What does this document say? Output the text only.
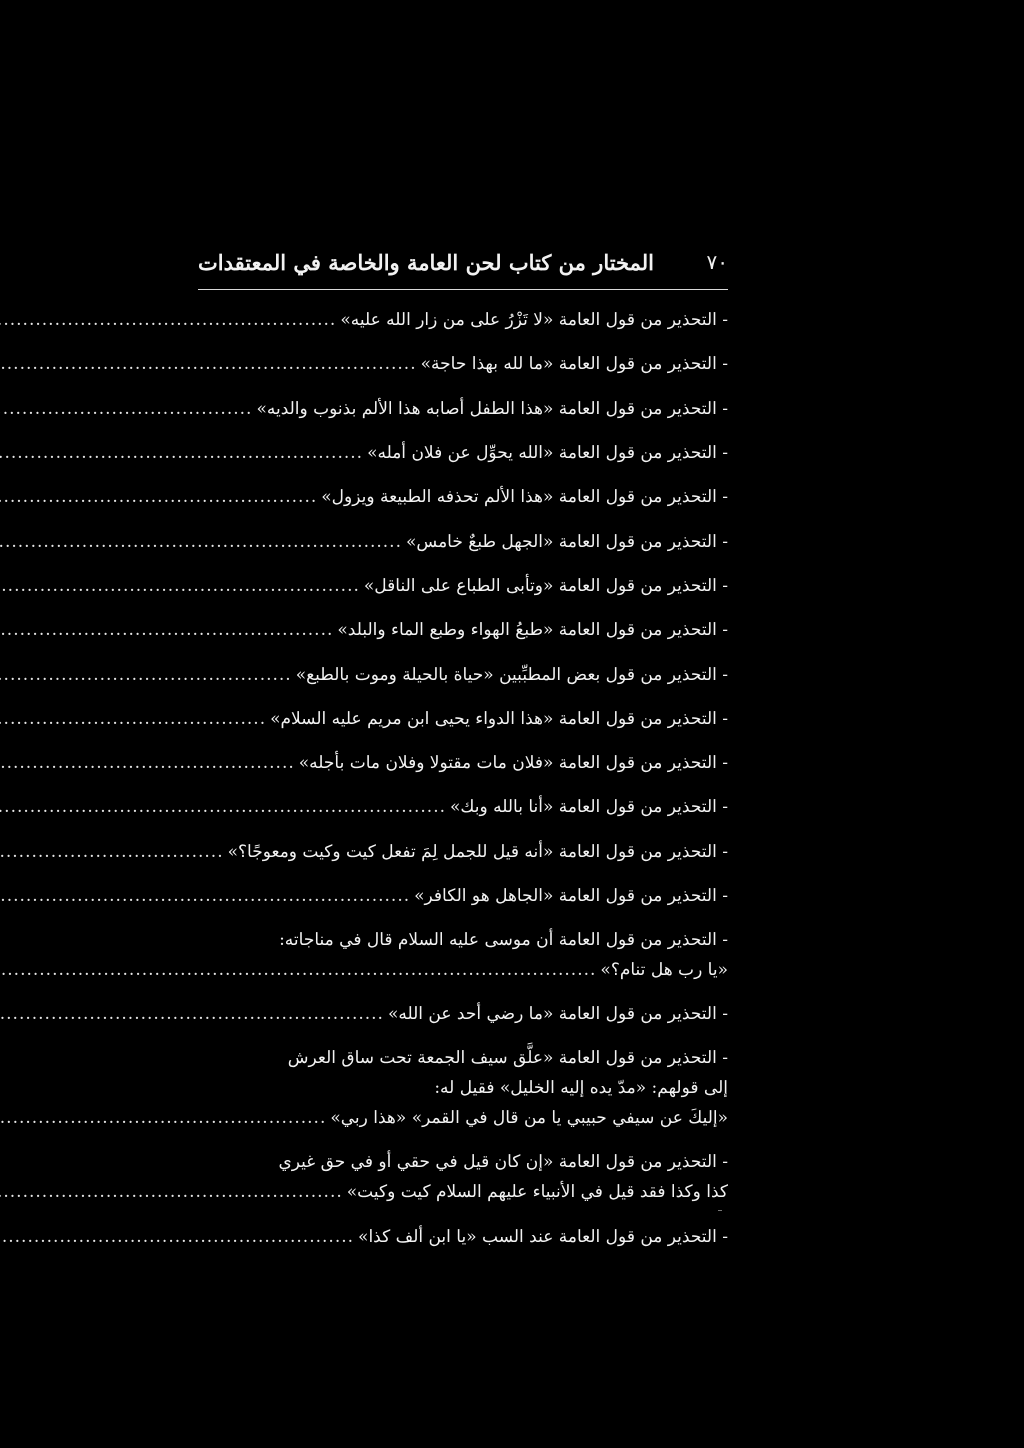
٧٠
المختار من كتاب لحن العامة والخاصة في المعتقدات
- التحذير من قول العامة «لا تَزْرُ على من زار الله عليه»
.....
- التحذير من قول العامة «ما لله بهذا حاجة»
.....
- التحذير من قول العامة «هذا الطفل أصابه هذا الألم بذنوب والديه»
.....
- التحذير من قول العامة «الله يحوِّل عن فلان أمله»
.....
- التحذير من قول العامة «هذا الألم تحذفه الطبيعة ويزول»
.....
- التحذير من قول العامة «الجهل طبعٌ خامس»
.....
- التحذير من قول العامة «وتأبى الطباع على الناقل»
.....
- التحذير من قول العامة «طبعُ الهواء وطبع الماء والبلد»
.....
- التحذير من قول بعض المطبِّبين «حياة بالحيلة وموت بالطبع»
.....
- التحذير من قول العامة «هذا الدواء يحيى ابن مريم عليه السلام»
.....
- التحذير من قول العامة «فلان مات مقتولا وفلان مات بأجله»
.....
- التحذير من قول العامة «أنا بالله وبك»
.....
- التحذير من قول العامة «أنه قيل للجمل لِمَ تفعل كيت وكيت ومعوجًا؟»
.....
- التحذير من قول العامة «الجاهل هو الكافر»
.....
- التحذير من قول العامة أن موسى عليه السلام قال في مناجاته:
«يا رب هل تنام؟»
.....
- التحذير من قول العامة «ما رضي أحد عن الله»
.....
- التحذير من قول العامة «علَّق سيف الجمعة تحت ساق العرش
إلى قولهم: «مدّ يده إليه الخليل» فقيل له:
«إليكَ عن سيفي حبيبي يا من قال في القمر» «هذا ربي»
.....
- التحذير من قول العامة «إن كان قيل في حقي أو في حق غيري
كذا وكذا فقد قيل في الأنبياء عليهم السلام كيت وكيت»
.....
- التحذير من قول العامة عند السب «يا ابن ألف كذا»
.....
